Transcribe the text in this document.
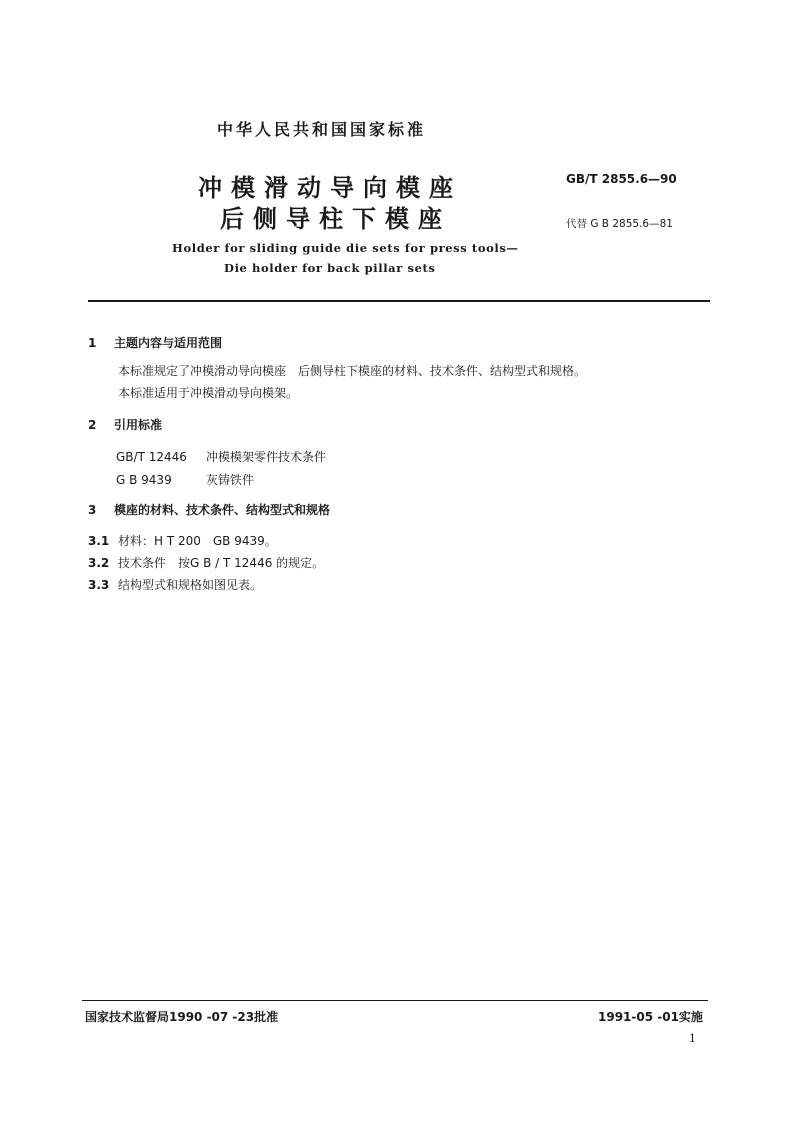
中华人民共和国国家标准
冲模滑动导向模座
后侧导柱下模座
GB/T 2855.6—90
代替 G B 2855.6—81
Holder for sliding guide die sets for press tools—
Die holder for back pillar sets
1 主题内容与适用范围
本标准规定了冲模滑动导向模座　后侧导柱下模座的材料、技术条件、结构型式和规格。
本标准适用于冲模滑动导向模架。
2 引用标准
GB/T 12446 冲模模架零件技术条件
G B 9439	灰铸铁件
3 模座的材料、技术条件、结构型式和规格
3.1 材料：H T 200　GB 9439。
3.2 技术条件　按G B / T 12446 的规定。
3.3 结构型式和规格如图见表。
国家技术监督局1990 -07 -23批准	1991-05 -01实施
1
